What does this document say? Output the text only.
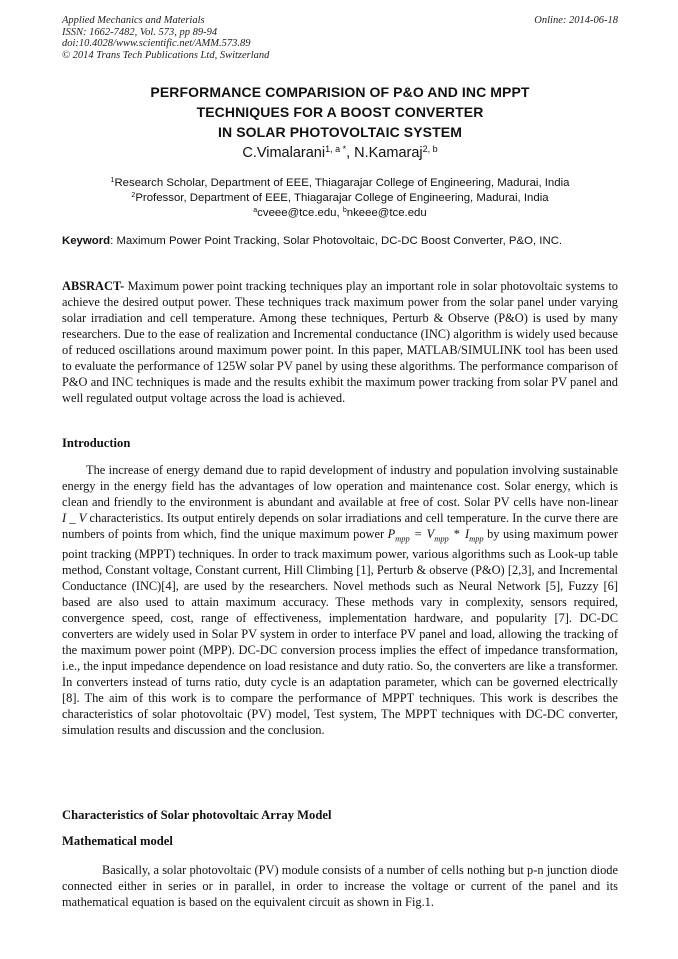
Applied Mechanics and Materials
ISSN: 1662-7482, Vol. 573, pp 89-94
doi:10.4028/www.scientific.net/AMM.573.89
© 2014 Trans Tech Publications Ltd, Switzerland
Online: 2014-06-18
PERFORMANCE COMPARISION OF P&O AND INC MPPT
TECHNIQUES FOR A BOOST CONVERTER
IN SOLAR PHOTOVOLTAIC SYSTEM
C.Vimalarani$^{1, a *}$, N.Kamaraj$^{2, b}$
$^1$Research Scholar, Department of EEE, Thiagarajar College of Engineering, Madurai, India
$^2$Professor, Department of EEE, Thiagarajar College of Engineering, Madurai, India
$^a$cveee@tce.edu, $^b$nkeee@tce.edu
Keyword: Maximum Power Point Tracking, Solar Photovoltaic, DC-DC Boost Converter, P&O, INC.
ABSRACT- Maximum power point tracking techniques play an important role in solar photovoltaic systems to achieve the desired output power. These techniques track maximum power from the solar panel under varying solar irradiation and cell temperature. Among these techniques, Perturb & Observe (P&O) is used by many researchers. Due to the ease of realization and Incremental conductance (INC) algorithm is widely used because of reduced oscillations around maximum power point. In this paper, MATLAB/SIMULINK tool has been used to evaluate the performance of 125W solar PV panel by using these algorithms. The performance comparison of P&O and INC techniques is made and the results exhibit the maximum power tracking from solar PV panel and well regulated output voltage across the load is achieved.
Introduction
The increase of energy demand due to rapid development of industry and population involving sustainable energy in the energy field has the advantages of low operation and maintenance cost. Solar energy, which is clean and friendly to the environment is abundant and available at free of cost. Solar PV cells have non-linear I _ V characteristics. Its output entirely depends on solar irradiations and cell temperature. In the curve there are numbers of points from which, find the unique maximum power $P_{mpp} = V_{mpp} * I_{mpp}$ by using maximum power point tracking (MPPT) techniques. In order to track maximum power, various algorithms such as Look-up table method, Constant voltage, Constant current, Hill Climbing [1], Perturb & observe (P&O) [2,3], and Incremental Conductance (INC)[4], are used by the researchers. Novel methods such as Neural Network [5], Fuzzy [6] based are also used to attain maximum accuracy. These methods vary in complexity, sensors required, convergence speed, cost, range of effectiveness, implementation hardware, and popularity [7]. DC-DC converters are widely used in Solar PV system in order to interface PV panel and load, allowing the tracking of the maximum power point (MPP). DC-DC conversion process implies the effect of impedance transformation, i.e., the input impedance dependence on load resistance and duty ratio. So, the converters are like a transformer. In converters instead of turns ratio, duty cycle is an adaptation parameter, which can be governed electrically [8]. The aim of this work is to compare the performance of MPPT techniques. This work is describes the characteristics of solar photovoltaic (PV) model, Test system, The MPPT techniques with DC-DC converter, simulation results and discussion and the conclusion.
Characteristics of Solar photovoltaic Array Model
Mathematical model
Basically, a solar photovoltaic (PV) module consists of a number of cells nothing but p-n junction diode connected either in series or in parallel, in order to increase the voltage or current of the panel and its mathematical equation is based on the equivalent circuit as shown in Fig.1.
